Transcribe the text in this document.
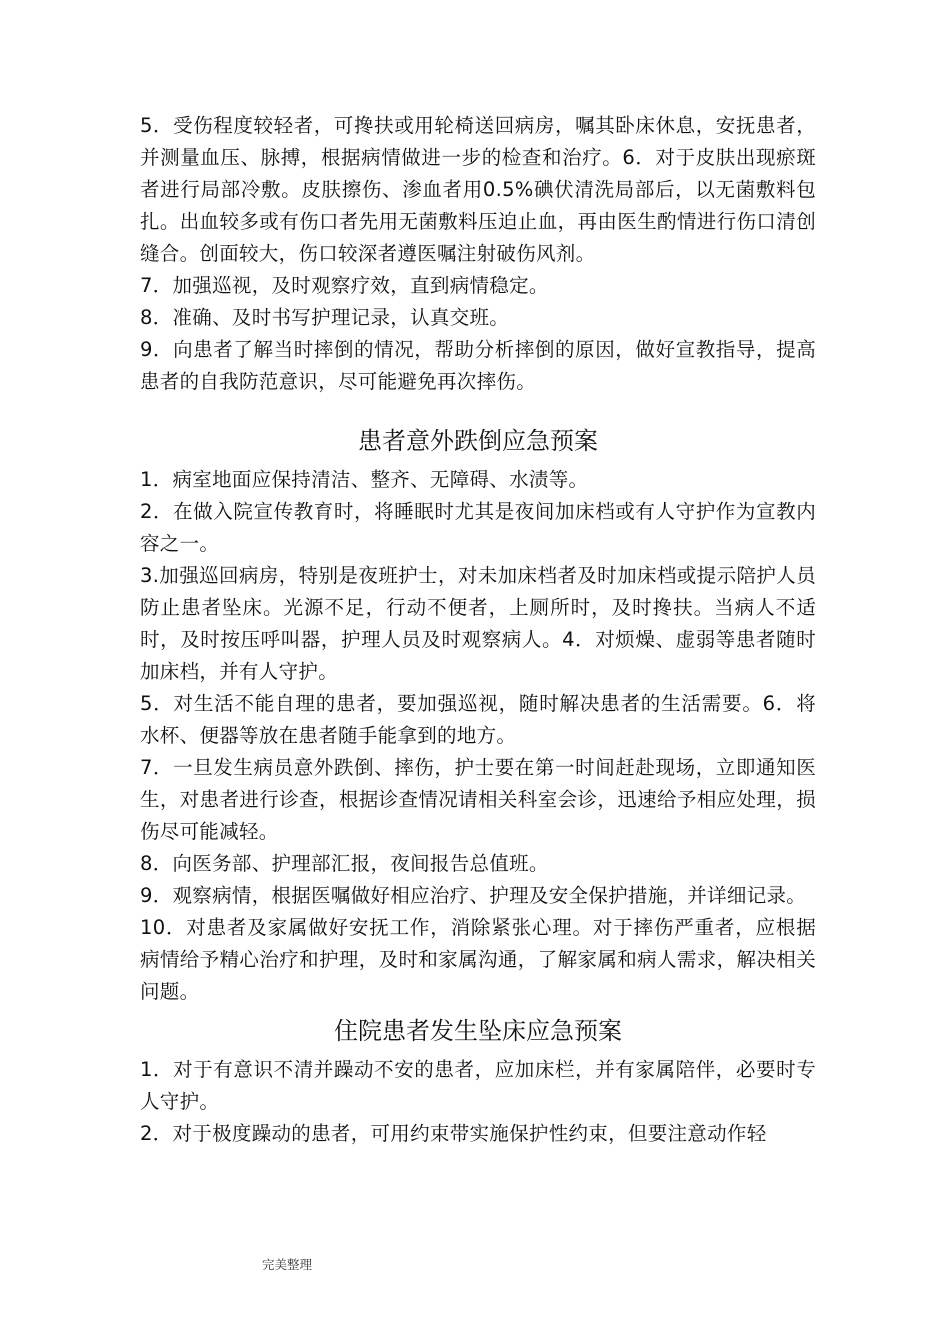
5．受伤程度较轻者，可搀扶或用轮椅送回病房，嘱其卧床休息，安抚患者，并测量血压、脉搏，根据病情做进一步的检查和治疗。6．对于皮肤出现瘀斑者进行局部冷敷。皮肤擦伤、渗血者用0.5%碘伏清洗局部后，以无菌敷料包扎。出血较多或有伤口者先用无菌敷料压迫止血，再由医生酌情进行伤口清创缝合。创面较大，伤口较深者遵医嘱注射破伤风剂。

7．加强巡视，及时观察疗效，直到病情稳定。

8．准确、及时书写护理记录，认真交班。

9．向患者了解当时摔倒的情况，帮助分析摔倒的原因，做好宣教指导，提高患者的自我防范意识，尽可能避免再次摔伤。

患者意外跌倒应急预案

1．病室地面应保持清洁、整齐、无障碍、水渍等。

2．在做入院宣传教育时，将睡眠时尤其是夜间加床档或有人守护作为宣教内容之一。

3.加强巡回病房，特别是夜班护士，对未加床档者及时加床档或提示陪护人员防止患者坠床。光源不足，行动不便者，上厕所时，及时搀扶。当病人不适时，及时按压呼叫器，护理人员及时观察病人。4．对烦燥、虚弱等患者随时加床档，并有人守护。

5．对生活不能自理的患者，要加强巡视，随时解决患者的生活需要。6．将水杯、便器等放在患者随手能拿到的地方。

7．一旦发生病员意外跌倒、摔伤，护士要在第一时间赶赴现场，立即通知医生，对患者进行诊查，根据诊查情况请相关科室会诊，迅速给予相应处理，损伤尽可能减轻。

8．向医务部、护理部汇报，夜间报告总值班。

9．观察病情，根据医嘱做好相应治疗、护理及安全保护措施，并详细记录。

10．对患者及家属做好安抚工作，消除紧张心理。对于摔伤严重者，应根据病情给予精心治疗和护理，及时和家属沟通，了解家属和病人需求，解决相关问题。

住院患者发生坠床应急预案

1．对于有意识不清并躁动不安的患者，应加床栏，并有家属陪伴，必要时专人守护。

2．对于极度躁动的患者，可用约束带实施保护性约束，但要注意动作轻

完美整理
